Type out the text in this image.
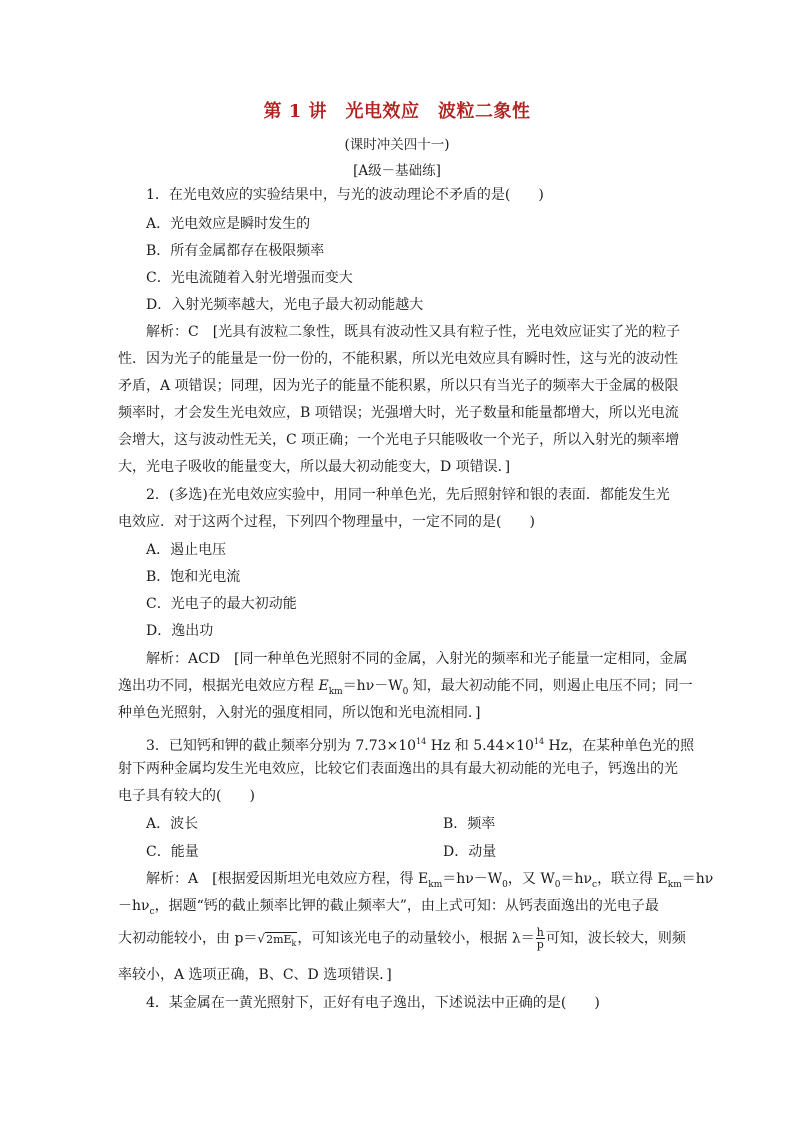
第 1 讲　光电效应　波粒二象性
(课时冲关四十一)
[A级－基础练]
1．在光电效应的实验结果中，与光的波动理论不矛盾的是(　　)
A．光电效应是瞬时发生的
B．所有金属都存在极限频率
C．光电流随着入射光增强而变大
D．入射光频率越大，光电子最大初动能越大
解析：C　[光具有波粒二象性，既具有波动性又具有粒子性，光电效应证实了光的粒子
性．因为光子的能量是一份一份的，不能积累，所以光电效应具有瞬时性，这与光的波动性
矛盾，A 项错误；同理，因为光子的能量不能积累，所以只有当光子的频率大于金属的极限
频率时，才会发生光电效应，B 项错误；光强增大时，光子数量和能量都增大，所以光电流
会增大，这与波动性无关，C 项正确；一个光电子只能吸收一个光子，所以入射光的频率增
大，光电子吸收的能量变大，所以最大初动能变大，D 项错误．]
2．(多选)在光电效应实验中，用同一种单色光，先后照射锌和银的表面．都能发生光
电效应．对于这两个过程，下列四个物理量中，一定不同的是(　　)
A．遏止电压
B．饱和光电流
C．光电子的最大初动能
D．逸出功
解析：ACD　[同一种单色光照射不同的金属，入射光的频率和光子能量一定相同，金属
逸出功不同，根据光电效应方程 $E_{km}=h\nu-W_0$ 知，最大初动能不同，则遏止电压不同；同一
种单色光照射，入射光的强度相同，所以饱和光电流相同．]
3．已知钙和钾的截止频率分别为 $7.73\times 10^{14}$ Hz 和 $5.44\times 10^{14}$ Hz，在某种单色光的照
射下两种金属均发生光电效应，比较它们表面逸出的具有最大初动能的光电子，钙逸出的光
电子具有较大的(　　)
A．波长	B．频率
C．能量	D．动量
解析：A　[根据爱因斯坦光电效应方程，得 $E_{km}=h\nu-W_0$，又 $W_0=h\nu_c$，联立得 $E_{km}=h\nu$
$-h\nu_c$，据题“钙的截止频率比钾的截止频率大”，由上式可知：从钙表面逸出的光电子最
大初动能较小，由 $p=√2mE_k$，可知该光电子的动量较小，根据 $\lambda= \frac{h}{p}$ 可知，波长较大，则频
率较小，A 选项正确，B、C、D 选项错误．]
4．某金属在一黄光照射下，正好有电子逸出，下述说法中正确的是(　　)
